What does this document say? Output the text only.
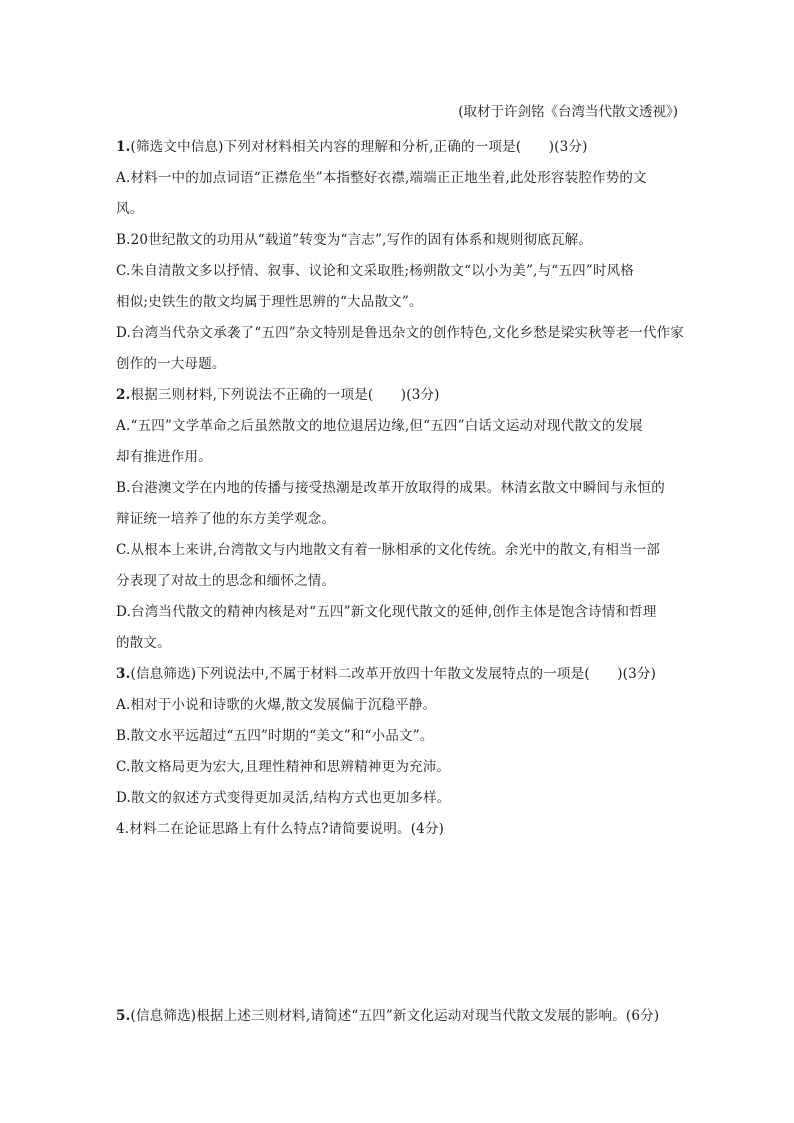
(取材于许剑铭《台湾当代散文透视》)

1.(筛选文中信息)下列对材料相关内容的理解和分析,正确的一项是(　　)(3分)

A.材料一中的加点词语“正襟危坐”本指整好衣襟,端端正正地坐着,此处形容装腔作势的文

风。

B.20世纪散文的功用从“载道”转变为“言志”,写作的固有体系和规则彻底瓦解。

C.朱自清散文多以抒情、叙事、议论和文采取胜;杨朔散文“以小为美”,与“五四”时风格

相似;史铁生的散文均属于理性思辨的“大品散文”。

D.台湾当代杂文承袭了“五四”杂文特别是鲁迅杂文的创作特色,文化乡愁是梁实秋等老一代作家

创作的一大母题。

2.根据三则材料,下列说法不正确的一项是(　　)(3分)

A.“五四”文学革命之后虽然散文的地位退居边缘,但“五四”白话文运动对现代散文的发展

却有推进作用。

B.台港澳文学在内地的传播与接受热潮是改革开放取得的成果。林清玄散文中瞬间与永恒的

辩证统一培养了他的东方美学观念。

C.从根本上来讲,台湾散文与内地散文有着一脉相承的文化传统。余光中的散文,有相当一部

分表现了对故土的思念和缅怀之情。

D.台湾当代散文的精神内核是对“五四”新文化现代散文的延伸,创作主体是饱含诗情和哲理

的散文。

3.(信息筛选)下列说法中,不属于材料二改革开放四十年散文发展特点的一项是(　　)(3分)

A.相对于小说和诗歌的火爆,散文发展偏于沉稳平静。

B.散文水平远超过“五四”时期的“美文”和“小品文”。

C.散文格局更为宏大,且理性精神和思辨精神更为充沛。

D.散文的叙述方式变得更加灵活,结构方式也更加多样。

4.材料二在论证思路上有什么特点?请简要说明。(4分)

5.(信息筛选)根据上述三则材料,请简述“五四”新文化运动对现当代散文发展的影响。(6分)
